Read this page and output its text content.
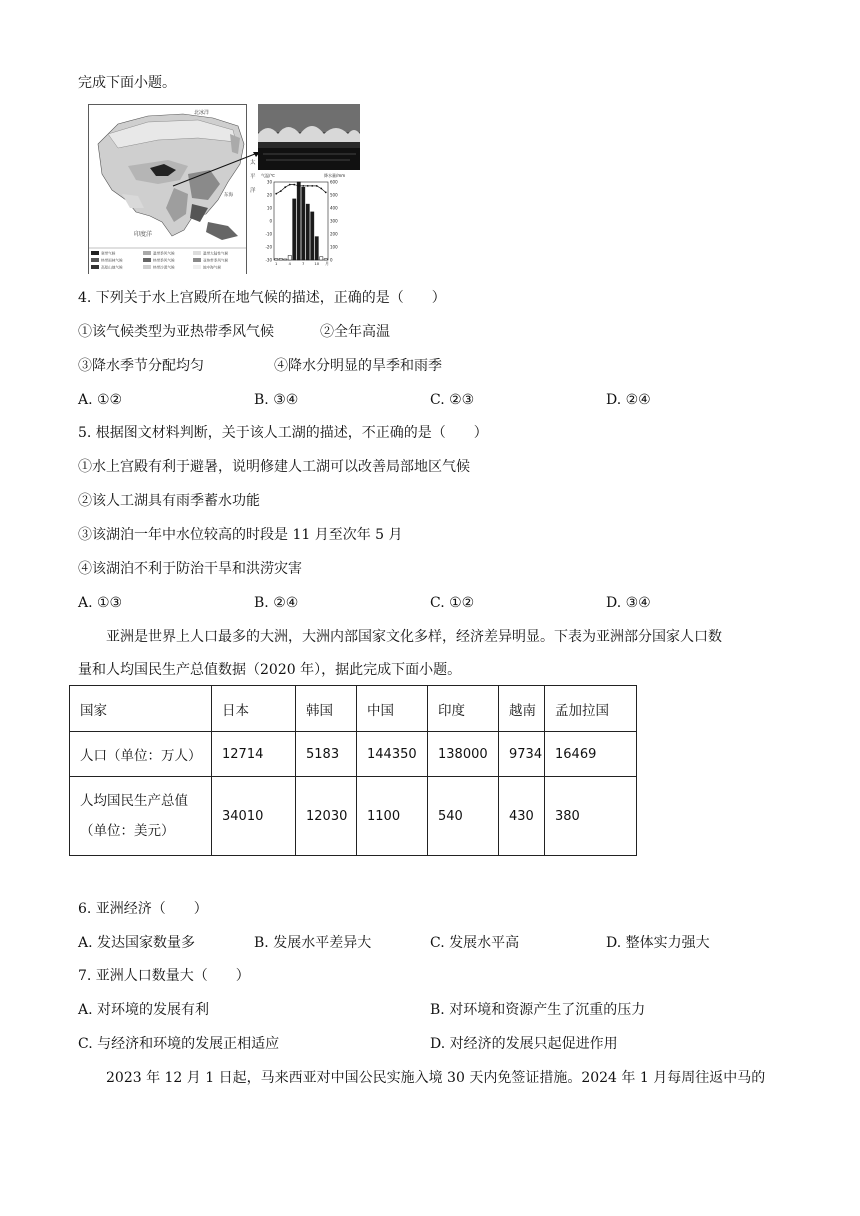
完成下面小题。
北冰洋
太
平
洋
东海
印度洋
寒带气候	温带季风气候	温带大陆性气候
热带雨林气候	热带季风气候	亚热带季风气候
高原山地气候	热带沙漠气候	地中海气候
气温/℃	降水量/mm
30
20
10
0
-10
-20
-30
600
500
400
300
200
100
0
1	4	7	10 月
4. 下列关于水上宫殿所在地气候的描述，正确的是（　　）
①该气候类型为亚热带季风气候	②全年高温
③降水季节分配均匀	④降水分明显的旱季和雨季
A. ①②	B. ③④	C. ②③	D. ②④
5. 根据图文材料判断，关于该人工湖的描述，不正确的是（　　）
①水上宫殿有利于避暑，说明修建人工湖可以改善局部地区气候
②该人工湖具有雨季蓄水功能
③该湖泊一年中水位较高的时段是 11 月至次年 5 月
④该湖泊不利于防治干旱和洪涝灾害
A. ①③	B. ②④	C. ①②	D. ③④
亚洲是世界上人口最多的大洲，大洲内部国家文化多样，经济差异明显。下表为亚洲部分国家人口数
量和人均国民生产总值数据（2020 年），据此完成下面小题。
国家	日本	韩国	中国	印度	越南	孟加拉国
人口（单位：万人）	12714	5183	144350	138000	9734	16469
人均国民生产总值
（单位：美元）	34010	12030	1100	540	430	380
6. 亚洲经济（　　）
A. 发达国家数量多	B. 发展水平差异大	C. 发展水平高	D. 整体实力强大
7. 亚洲人口数量大（　　）
A. 对环境的发展有利	B. 对环境和资源产生了沉重的压力
C. 与经济和环境的发展正相适应	D. 对经济的发展只起促进作用
2023 年 12 月 1 日起，马来西亚对中国公民实施入境 30 天内免签证措施。2024 年 1 月每周往返中马的
